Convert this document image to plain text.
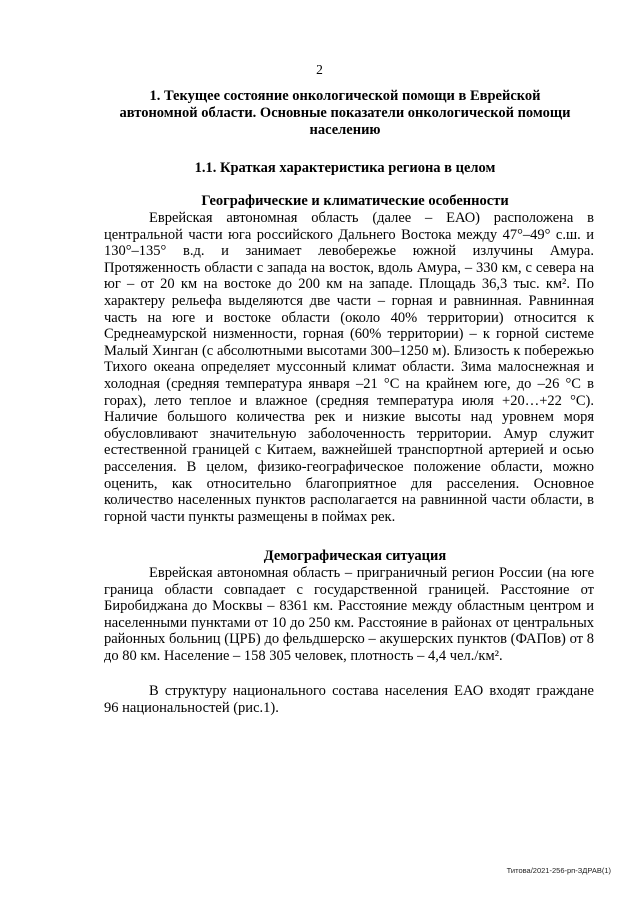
2
1. Текущее состояние онкологической помощи в Еврейской автономной области. Основные показатели онкологической помощи населению
1.1. Краткая характеристика региона в целом
Географические и климатические особенности
Еврейская автономная область (далее – ЕАО) расположена в центральной части юга российского Дальнего Востока между 47°–49° с.ш. и 130°–135° в.д. и занимает левобережье южной излучины Амура. Протяженность области с запада на восток, вдоль Амура, – 330 км, с севера на юг – от 20 км на востоке до 200 км на западе. Площадь 36,3 тыс. км². По характеру рельефа выделяются две части – горная и равнинная. Равнинная часть на юге и востоке области (около 40% территории) относится к Среднеамурской низменности, горная (60% территории) – к горной системе Малый Хинган (с абсолютными высотами 300–1250 м). Близость к побережью Тихого океана определяет муссонный климат области. Зима малоснежная и холодная (средняя температура января –21 °С на крайнем юге, до –26 °С в горах), лето теплое и влажное (средняя температура июля +20…+22 °С). Наличие большого количества рек и низкие высоты над уровнем моря обусловливают значительную заболоченность территории. Амур служит естественной границей с Китаем, важнейшей транспортной артерией и осью расселения. В целом, физико-географическое положение области, можно оценить, как относительно благоприятное для расселения. Основное количество населенных пунктов располагается на равнинной части области, в горной части пункты размещены в поймах рек.
Демографическая ситуация
Еврейская автономная область – приграничный регион России (на юге граница области совпадает с государственной границей. Расстояние от Биробиджана до Москвы – 8361 км. Расстояние между областным центром и населенными пунктами от 10 до 250 км. Расстояние в районах от центральных районных больниц (ЦРБ) до фельдшерско – акушерских пунктов (ФАПов) от 8 до 80 км. Население – 158 305 человек, плотность – 4,4 чел./км².
В структуру национального состава населения ЕАО входят граждане 96 национальностей (рис.1).
Титова/2021-256-рп-ЗДРАВ(1)
